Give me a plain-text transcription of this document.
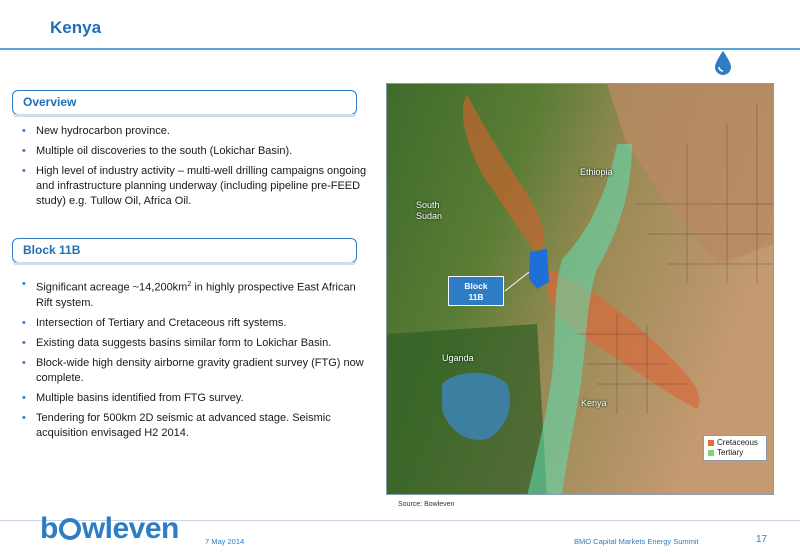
Kenya
Overview
• New hydrocarbon province.
• Multiple oil discoveries to the south (Lokichar Basin).
• High level of industry activity – multi-well drilling campaigns ongoing and infrastructure planning underway (including pipeline pre-FEED study) e.g. Tullow Oil, Africa Oil.
Block 11B
• Significant acreage $\sim 14,200km^2$ in highly prospective East African Rift system.
• Intersection of Tertiary and Cretaceous rift systems.
• Existing data suggests basins similar form to Lokichar Basin.
• Block-wide high density airborne gravity gradient survey (FTG) now complete.
• Multiple basins identified from FTG survey.
• Tendering for 500km 2D seismic at advanced stage. Seismic acquisition envisaged H2 2014.
Ethiopia
South
Sudan
Uganda
Kenya
Block
11B
Cretaceous
Tertiary
Source: Bowleven
b wleven	7 May 2014	BMO Capital Markets Energy Summit	17
